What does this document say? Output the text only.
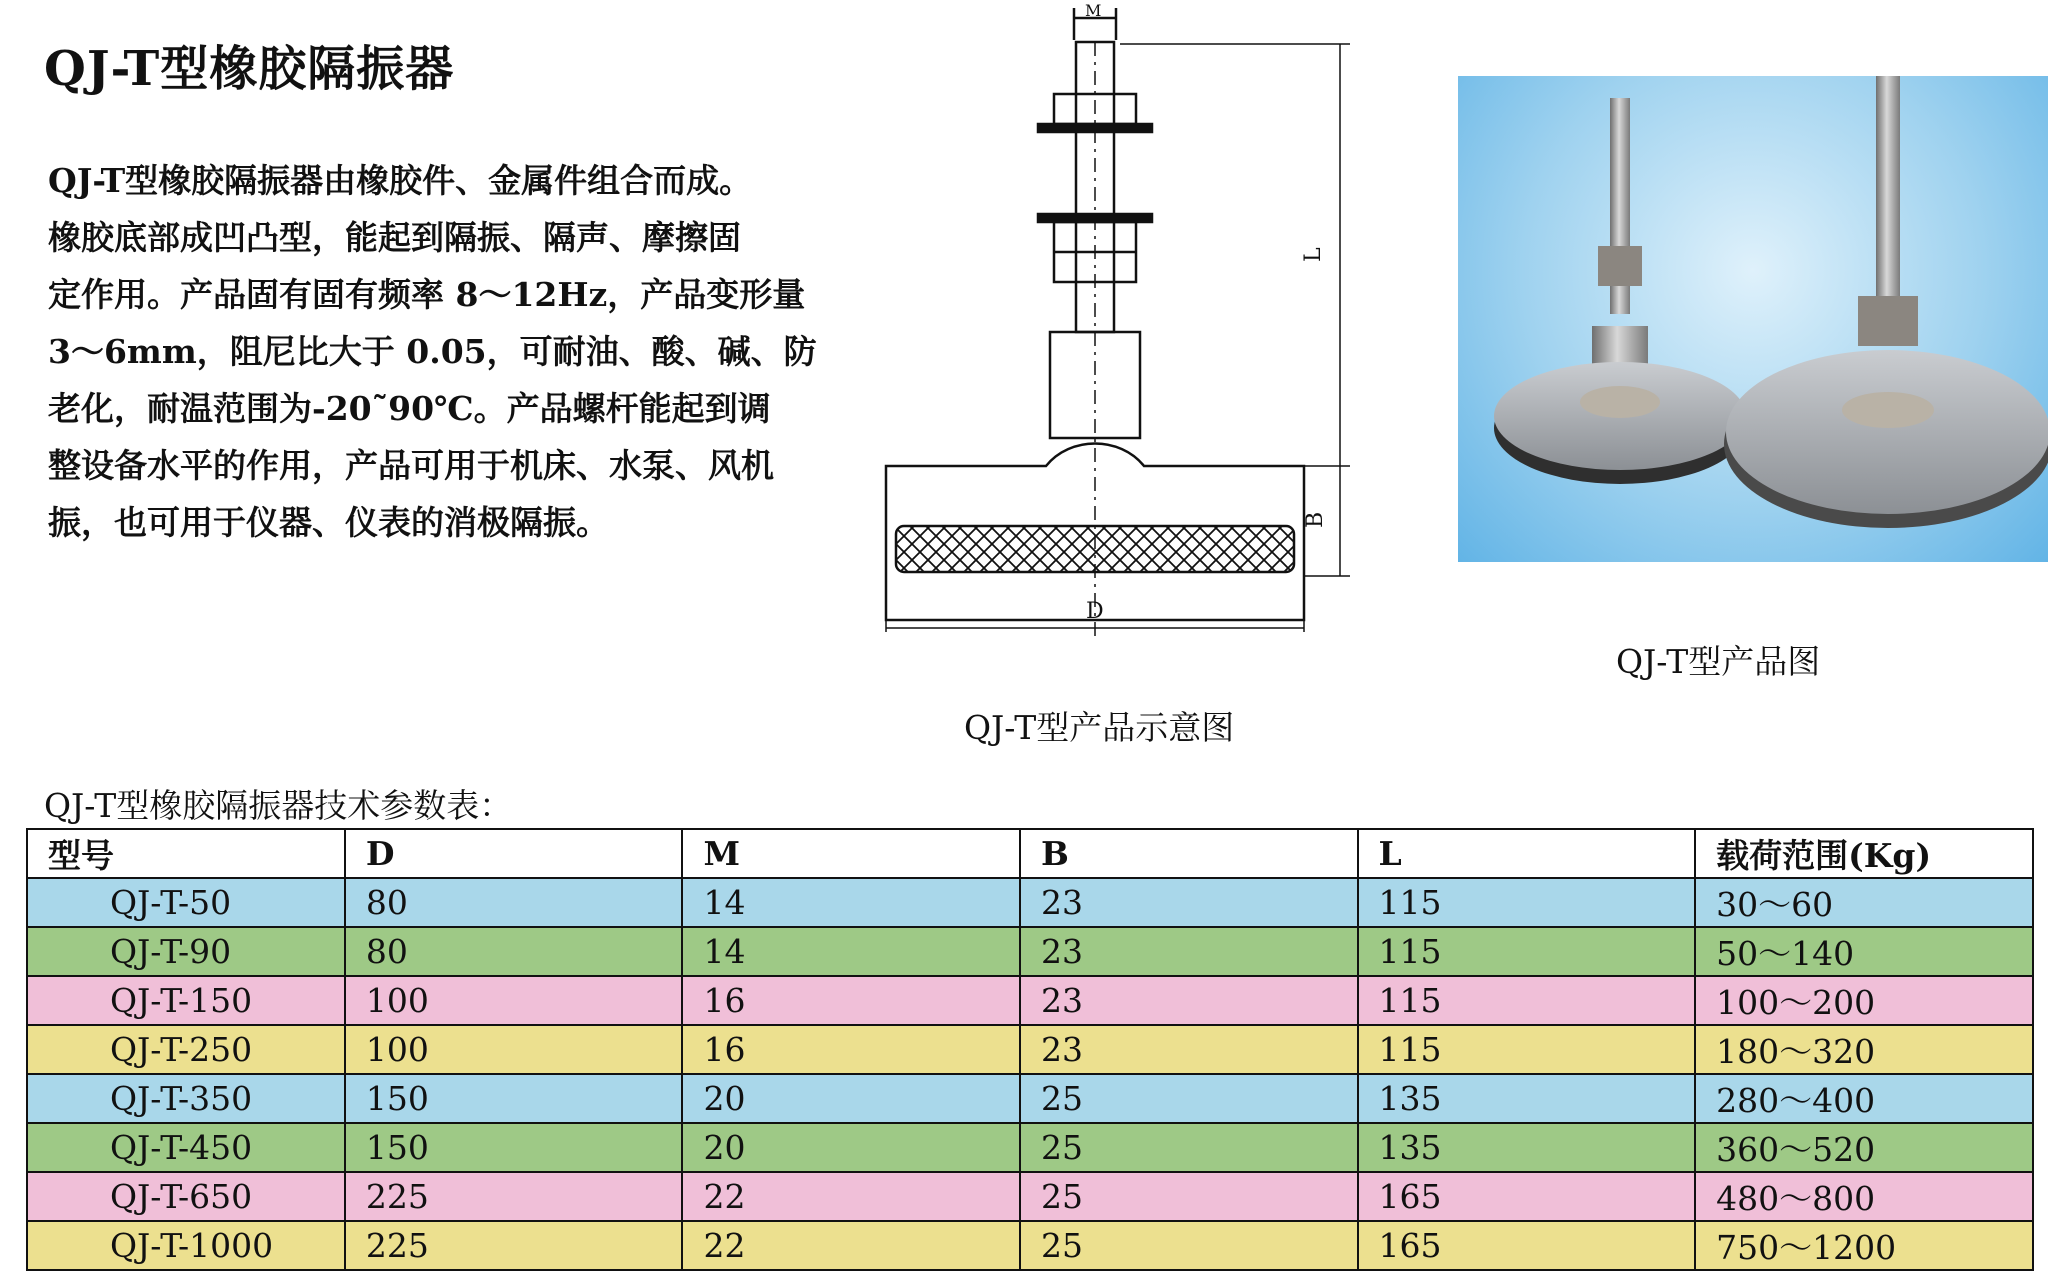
QJ-T型橡胶隔振器
QJ-T型橡胶隔振器由橡胶件、金属件组合而成。
橡胶底部成凹凸型，能起到隔振、隔声、摩擦固
定作用。产品固有固有频率 8～12Hz，产品变形量
3～6mm，阻尼比大于 0.05，可耐油、酸、碱、防
老化，耐温范围为-20˜90℃。产品螺杆能起到调
整设备水平的作用，产品可用于机床、水泵、风机
振，也可用于仪器、仪表的消极隔振。
M
L
B
D
QJ-T型产品示意图
QJ-T型产品图
QJ-T型橡胶隔振器技术参数表：
型号	D	M	B	L	载荷范围(Kg)
QJ-T-50	80	14	23	115	30～60
QJ-T-90	80	14	23	115	50～140
QJ-T-150	100	16	23	115	100～200
QJ-T-250	100	16	23	115	180～320
QJ-T-350	150	20	25	135	280～400
QJ-T-450	150	20	25	135	360～520
QJ-T-650	225	22	25	165	480～800
QJ-T-1000	225	22	25	165	750～1200
